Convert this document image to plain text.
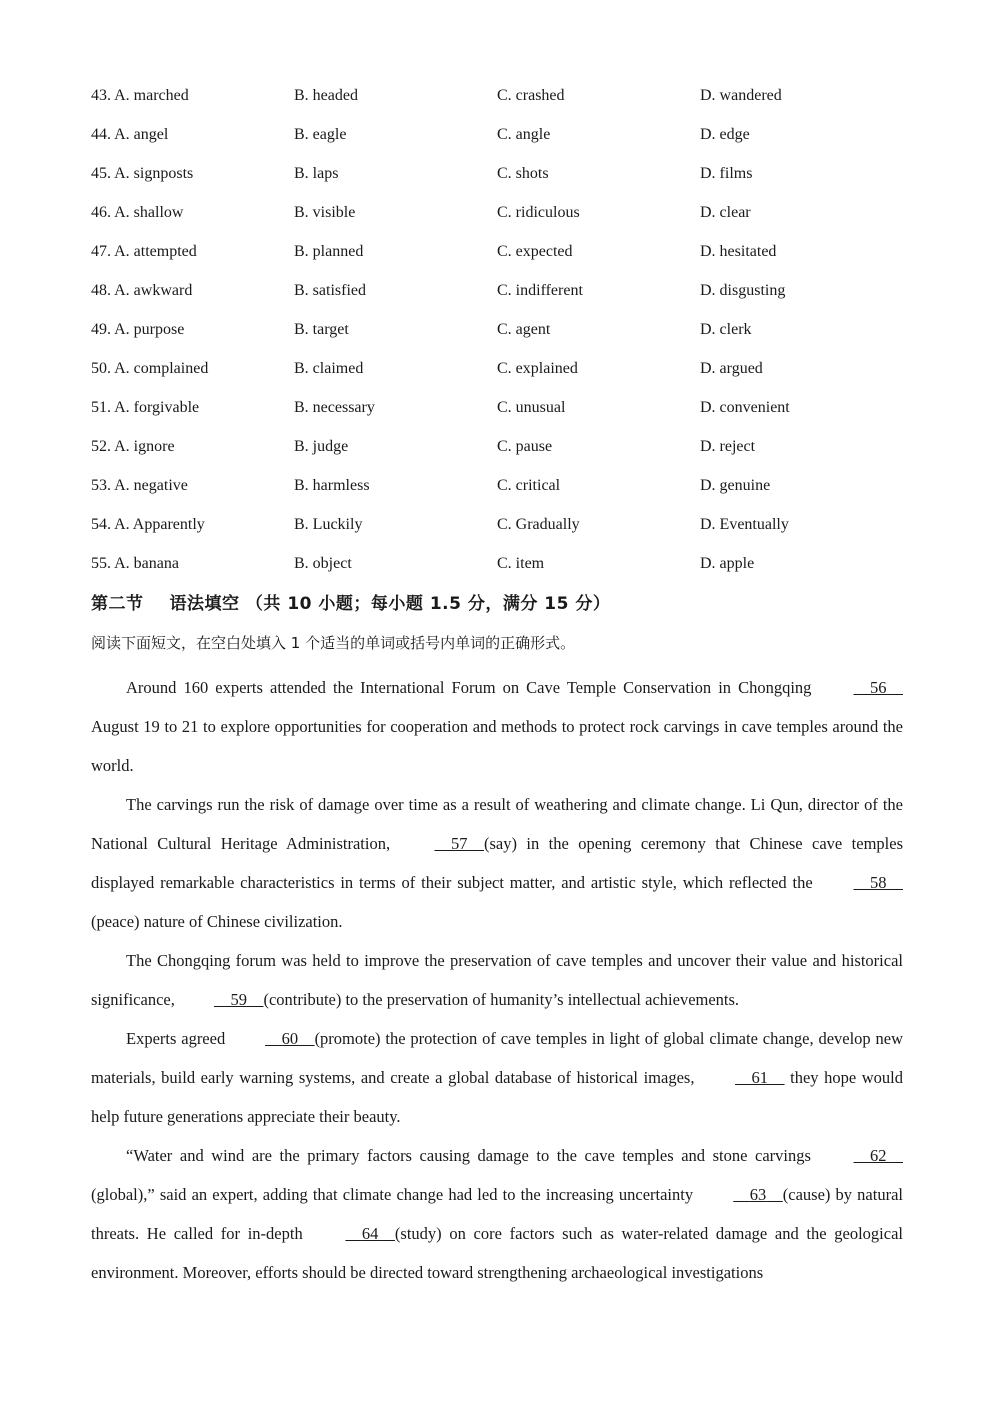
43. A. marched	B. headed	C. crashed	D. wandered
44. A. angel	B. eagle	C. angle	D. edge
45. A. signposts	B. laps	C. shots	D. films
46. A. shallow	B. visible	C. ridiculous	D. clear
47. A. attempted	B. planned	C. expected	D. hesitated
48. A. awkward	B. satisfied	C. indifferent	D. disgusting
49. A. purpose	B. target	C. agent	D. clerk
50. A. complained	B. claimed	C. explained	D. argued
51. A. forgivable	B. necessary	C. unusual	D. convenient
52. A. ignore	B. judge	C. pause	D. reject
53. A. negative	B. harmless	C. critical	D. genuine
54. A. Apparently	B. Luckily	C. Gradually	D. Eventually
55. A. banana	B. object	C. item	D. apple
第二节 语法填空 （共 10 小题；每小题 1.5 分，满分 15 分）
阅读下面短文，在空白处填入 1 个适当的单词或括号内单词的正确形式。

Around 160 experts attended the International Forum on Cave Temple Conservation in Chongqing	56     August 19 to 21 to explore opportunities for cooperation and methods to protect rock carvings in cave temples around the world.

The carvings run the risk of damage over time as a result of weathering and climate change. Li Qun, director of the National Cultural Heritage Administration,	57 (say) in the opening ceremony that Chinese cave temples displayed remarkable characteristics in terms of their subject matter, and artistic style, which reflected the	58    (peace) nature of Chinese civilization.

The Chongqing forum was held to improve the preservation of cave temples and uncover their value and historical significance,	59 (contribute) to the preservation of humanity’s intellectual achievements.

Experts agreed	60 (promote) the protection of cave temples in light of global climate change, develop new materials, build early warning systems, and create a global database of historical images,	61     they hope would help future generations appreciate their beauty.

“Water and wind are the primary factors causing damage to the cave temples and stone carvings	62    (global),” said an expert, adding that climate change had led to the increasing uncertainty	63 (cause) by natural threats. He called for in-depth	64 (study) on core factors such as water-related damage and the geological environment. Moreover, efforts should be directed toward strengthening archaeological investigations
